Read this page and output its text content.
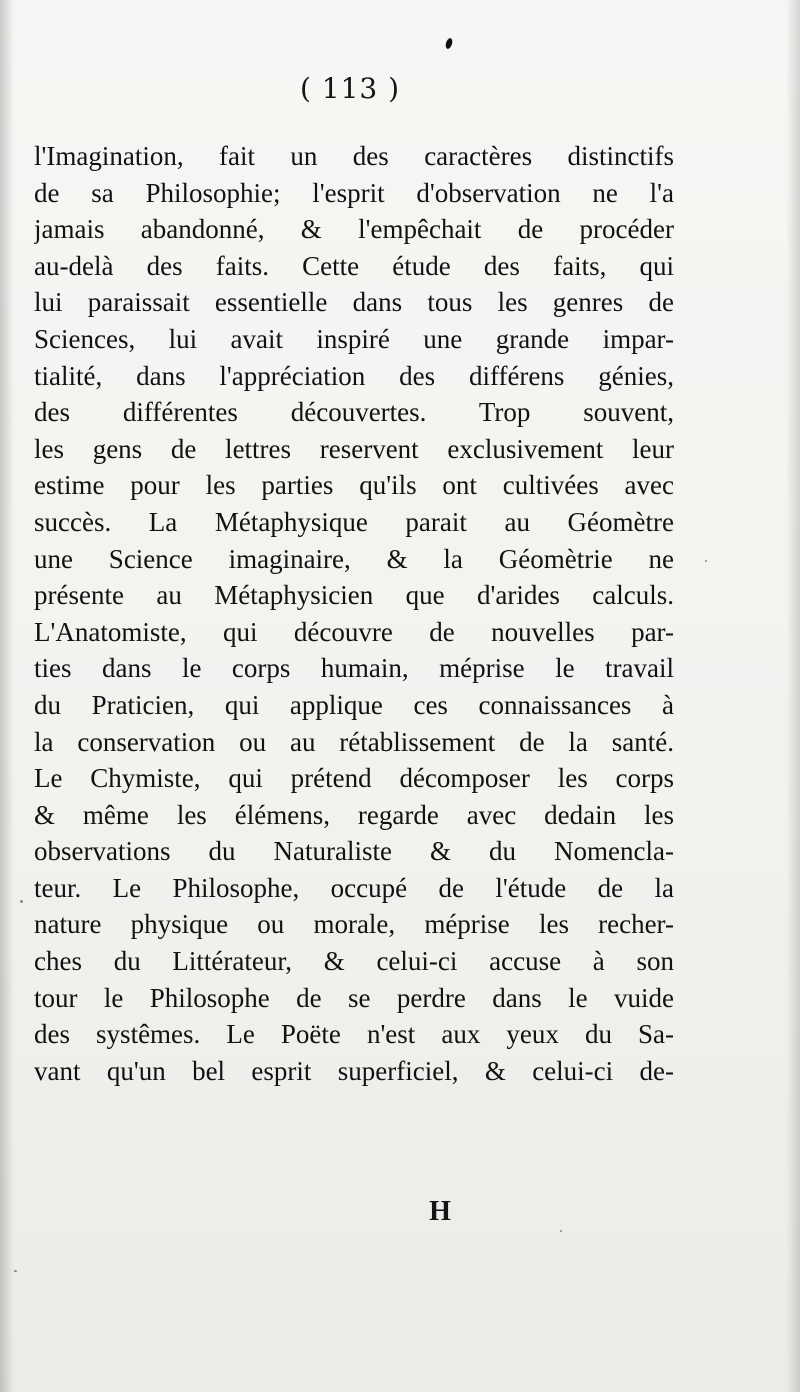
( 113 )
l'Imagination, fait un des caractères distinctifs
de sa Philosophie; l'esprit d'observation ne l'a
jamais abandonné, & l'empêchait de procéder
au-delà des faits. Cette étude des faits, qui
lui paraissait essentielle dans tous les genres de
Sciences, lui avait inspiré une grande impar-
tialité, dans l'appréciation des différens génies,
des différentes découvertes. Trop souvent,
les gens de lettres reservent exclusivement leur
estime pour les parties qu'ils ont cultivées avec
succès. La Métaphysique parait au Géomètre
une Science imaginaire, & la Géomètrie ne
présente au Métaphysicien que d'arides calculs.
L'Anatomiste, qui découvre de nouvelles par-
ties dans le corps humain, méprise le travail
du Praticien, qui applique ces connaissances à
la conservation ou au rétablissement de la santé.
Le Chymiste, qui prétend décomposer les corps
& même les élémens, regarde avec dedain les
observations du Naturaliste & du Nomencla-
teur. Le Philosophe, occupé de l'étude de la
nature physique ou morale, méprise les recher-
ches du Littérateur, & celui-ci accuse à son
tour le Philosophe de se perdre dans le vuide
des systêmes. Le Poëte n'est aux yeux du Sa-
vant qu'un bel esprit superficiel, & celui-ci de-
H
